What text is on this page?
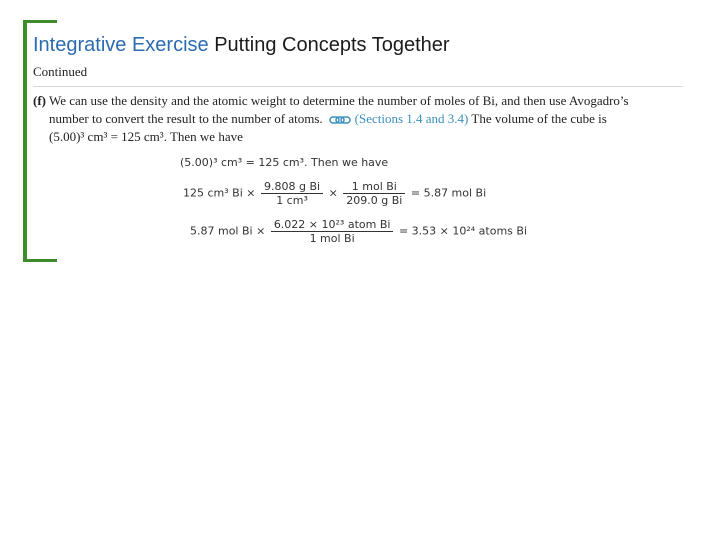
Integrative Exercise Putting Concepts Together
Continued

(f) We can use the density and the atomic weight to determine the number of moles of Bi, and then use Avogadro’s
number to convert the result to the number of atoms. (Sections 1.4 and 3.4) The volume of the cube is
(5.00)³ cm³ = 125 cm³. Then we have

(5.00)³ cm³ = 125 cm³. Then we have
125 cm³ $Bi \times \frac{\text{9.808 g Bi}}{\text{1 cm³}} \times \frac{\text{1 mol Bi}}{\text{209.0 g Bi}} = 5.87$ mol Bi
5.87 mol $Bi \times \frac{\text{6.022 × 10²³ atom Bi}}{\text{1 mol Bi}} = 3.53 \times 10^{24}$ atoms Bi
